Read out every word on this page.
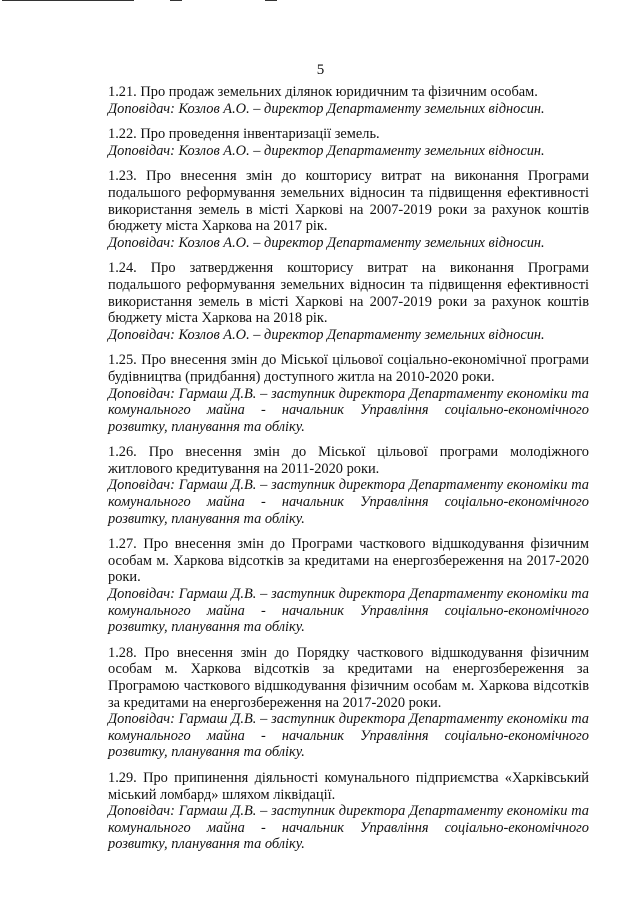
5

1.21. Про продаж земельних ділянок юридичним та фізичним особам.

Доповідач: Козлов А.О. – директор Департаменту земельних відносин.

1.22. Про проведення інвентаризації земель.

Доповідач: Козлов А.О. – директор Департаменту земельних відносин.

1.23. Про внесення змін до кошторису витрат на виконання Програми подальшого реформування земельних відносин та підвищення ефективності використання земель в місті Харкові на 2007-2019 роки за рахунок коштів бюджету міста Харкова на 2017 рік.

Доповідач: Козлов А.О. – директор Департаменту земельних відносин.

1.24. Про затвердження кошторису витрат на виконання Програми подальшого реформування земельних відносин та підвищення ефективності використання земель в місті Харкові на 2007-2019 роки за рахунок коштів бюджету міста Харкова на 2018 рік.

Доповідач: Козлов А.О. – директор Департаменту земельних відносин.

1.25. Про внесення змін до Міської цільової соціально-економічної програми будівництва (придбання) доступного житла на 2010-2020 роки.

Доповідач: Гармаш Д.В. – заступник директора Департаменту економіки та комунального майна - начальник Управління соціально-економічного розвитку, планування та обліку.

1.26. Про внесення змін до Міської цільової програми молодіжного житлового кредитування на 2011-2020 роки.

Доповідач: Гармаш Д.В. – заступник директора Департаменту економіки та комунального майна - начальник Управління соціально-економічного розвитку, планування та обліку.

1.27. Про внесення змін до Програми часткового відшкодування фізичним особам м. Харкова відсотків за кредитами на енергозбереження на 2017-2020 роки.

Доповідач: Гармаш Д.В. – заступник директора Департаменту економіки та комунального майна - начальник Управління соціально-економічного розвитку, планування та обліку.

1.28. Про внесення змін до Порядку часткового відшкодування фізичним особам м. Харкова відсотків за кредитами на енергозбереження за Програмою часткового відшкодування фізичним особам м. Харкова відсотків за кредитами на енергозбереження на 2017-2020 роки.

Доповідач: Гармаш Д.В. – заступник директора Департаменту економіки та комунального майна - начальник Управління соціально-економічного розвитку, планування та обліку.

1.29. Про припинення діяльності комунального підприємства «Харківський міський ломбард» шляхом ліквідації.

Доповідач: Гармаш Д.В. – заступник директора Департаменту економіки та комунального майна - начальник Управління соціально-економічного розвитку, планування та обліку.
